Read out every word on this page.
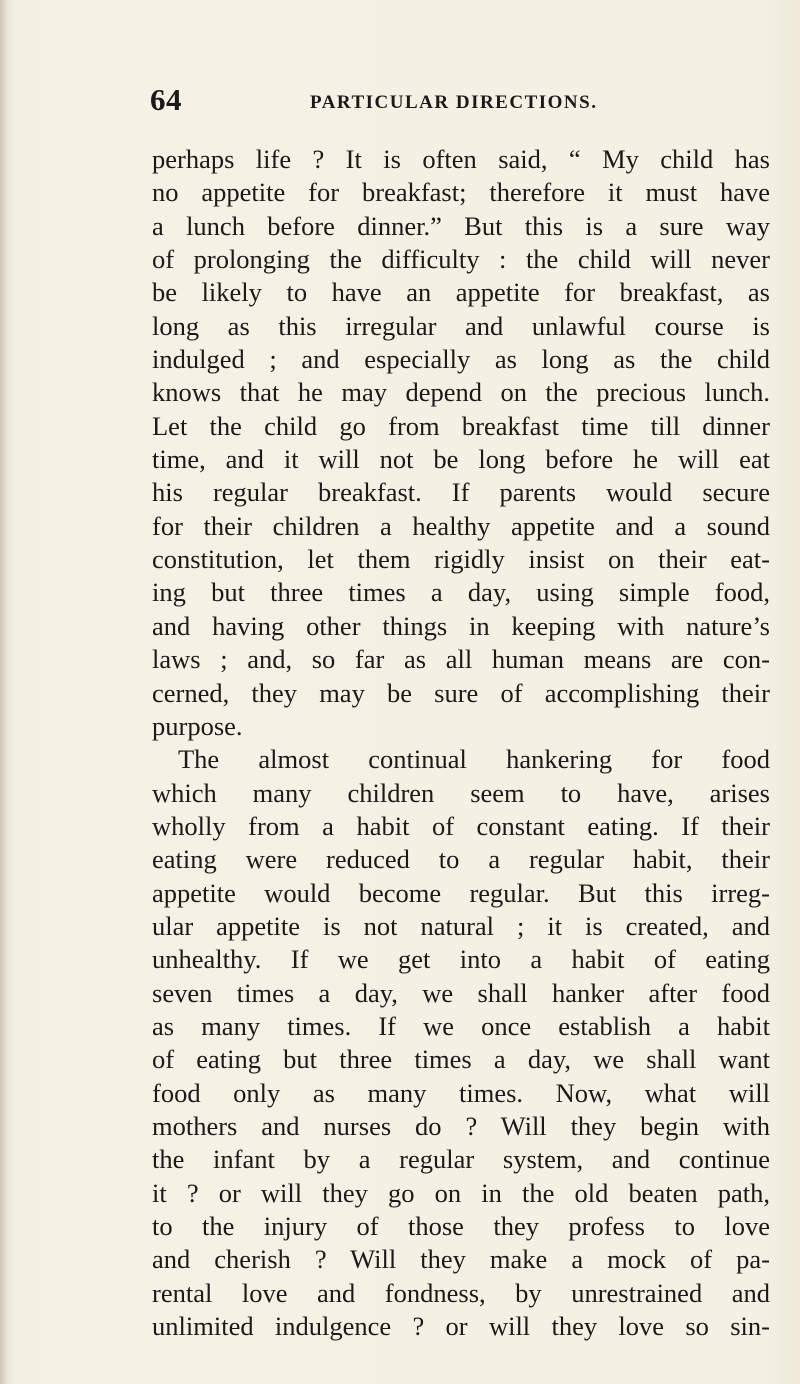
64	PARTICULAR DIRECTIONS.
perhaps life ? It is often said, “ My child has
no appetite for breakfast; therefore it must have
a lunch before dinner.” But this is a sure way
of prolonging the difficulty : the child will never
be likely to have an appetite for breakfast, as
long as this irregular and unlawful course is
indulged ; and especially as long as the child
knows that he may depend on the precious lunch.
Let the child go from breakfast time till dinner
time, and it will not be long before he will eat
his regular breakfast. If parents would secure
for their children a healthy appetite and a sound
constitution, let them rigidly insist on their eat-
ing but three times a day, using simple food,
and having other things in keeping with nature’s
laws ; and, so far as all human means are con-
cerned, they may be sure of accomplishing their
purpose.
The almost continual hankering for food
which many children seem to have, arises
wholly from a habit of constant eating. If their
eating were reduced to a regular habit, their
appetite would become regular. But this irreg-
ular appetite is not natural ; it is created, and
unhealthy. If we get into a habit of eating
seven times a day, we shall hanker after food
as many times. If we once establish a habit
of eating but three times a day, we shall want
food only as many times. Now, what will
mothers and nurses do ? Will they begin with
the infant by a regular system, and continue
it ? or will they go on in the old beaten path,
to the injury of those they profess to love
and cherish ? Will they make a mock of pa-
rental love and fondness, by unrestrained and
unlimited indulgence ? or will they love so sin-
